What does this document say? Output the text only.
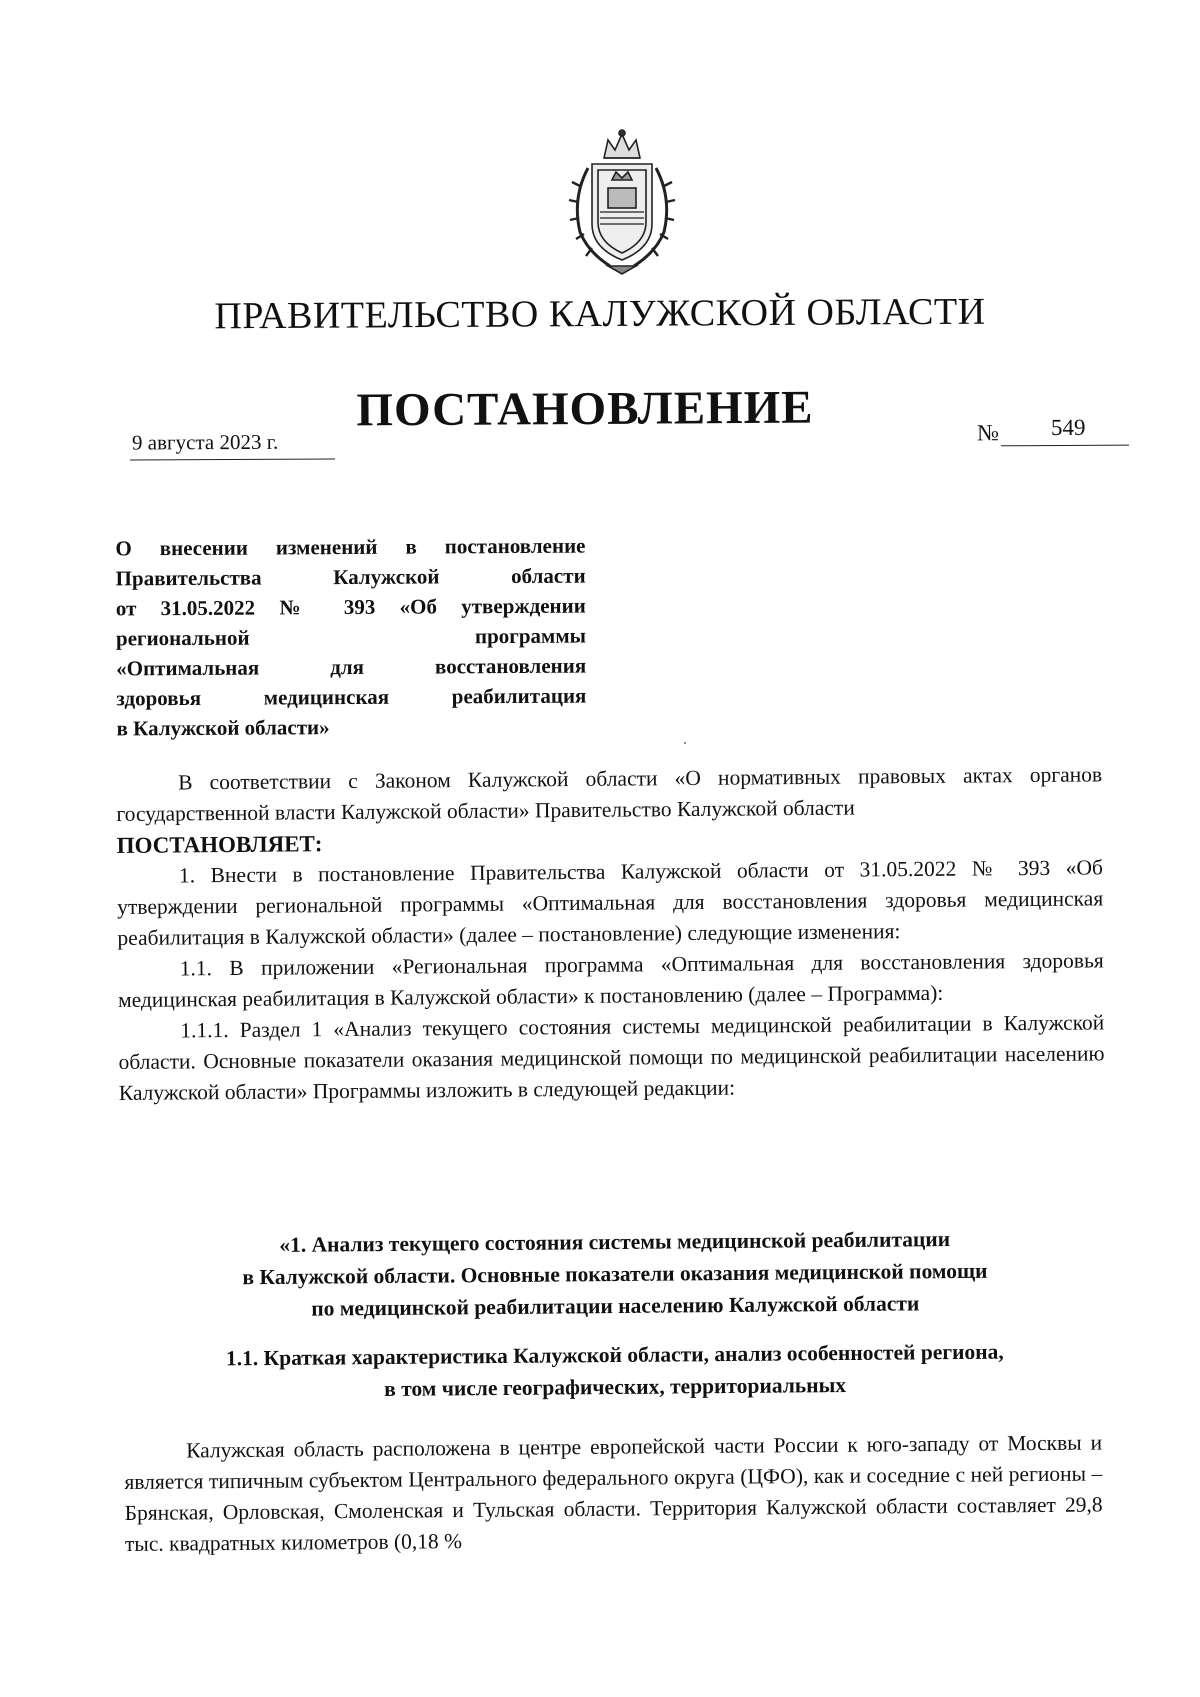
ПРАВИТЕЛЬСТВО КАЛУЖСКОЙ ОБЛАСТИ
ПОСТАНОВЛЕНИЕ
9 августа 2023 г.	№ 549
О внесении изменений в постановление
Правительства Калужской области
от 31.05.2022 № 393 «Об утверждении
региональной программы
«Оптимальная для восстановления
здоровья медицинская реабилитация
в Калужской области»

В соответствии с Законом Калужской области «О нормативных правовых актах органов государственной власти Калужской области» Правительство Калужской области

ПОСТАНОВЛЯЕТ:

1. Внести в постановление Правительства Калужской области от 31.05.2022 № 393 «Об утверждении региональной программы «Оптимальная для восстановления здоровья медицинская реабилитация в Калужской области» (далее – постановление) следующие изменения:

1.1. В приложении «Региональная программа «Оптимальная для восстановления здоровья медицинская реабилитация в Калужской области» к постановлению (далее – Программа):

1.1.1. Раздел 1 «Анализ текущего состояния системы медицинской реабилитации в Калужской области. Основные показатели оказания медицинской помощи по медицинской реабилитации населению Калужской области» Программы изложить в следующей редакции:

«1. Анализ текущего состояния системы медицинской реабилитации
в Калужской области. Основные показатели оказания медицинской помощи
по медицинской реабилитации населению Калужской области
1.1. Краткая характеристика Калужской области, анализ особенностей региона,
в том числе географических, территориальных

Калужская область расположена в центре европейской части России к юго-западу от Москвы и является типичным субъектом Центрального федерального округа (ЦФО), как и соседние с ней регионы – Брянская, Орловская, Смоленская и Тульская области. Территория Калужской области составляет 29,8 тыс. квадратных километров (0,18 %
